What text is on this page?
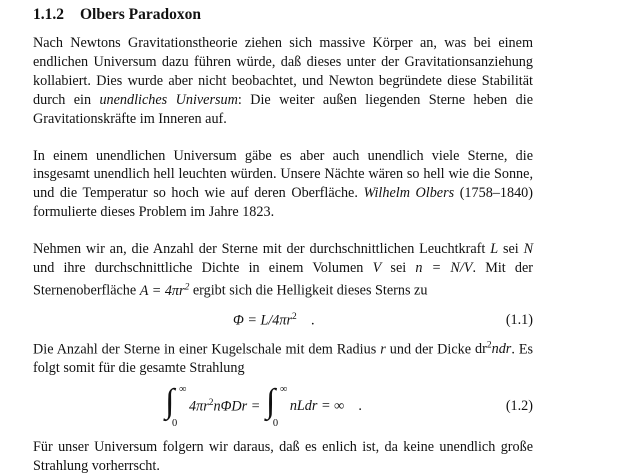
1.1.2 Olbers Paradoxon

Nach Newtons Gravitationstheorie ziehen sich massive Körper an, was bei einem endlichen Universum dazu führen würde, daß dieses unter der Gravitationsanziehung kollabiert. Dies wurde aber nicht beobachtet, und Newton begründete diese Stabilität durch ein unendliches Universum: Die weiter außen liegenden Sterne heben die Gravitationskräfte im Inneren auf.

In einem unendlichen Universum gäbe es aber auch unendlich viele Sterne, die insgesamt unendlich hell leuchten würden. Unsere Nächte wären so hell wie die Sonne, und die Temperatur so hoch wie auf deren Oberfläche. Wilhelm Olbers (1758–1840) formulierte dieses Problem im Jahre 1823.

Nehmen wir an, die Anzahl der Sterne mit der durchschnittlichen Leuchtkraft L sei N und ihre durchschnittliche Dichte in einem Volumen V sei n = N/V. Mit der Sternenoberfläche $A = 4\pi r^2$ ergibt sich die Helligkeit dieses Sterns zu

$\Phi = L/4\pi r^2$ .	(1.1)

Die Anzahl der Sterne in einer Kugelschale mit dem Radius r und der Dicke $dr^2ndr$. Es folgt somit für die gesamte Strahlung

∫ ∞
0
$4\pi r^2n\Phi Dr$ = ∫ ∞
0
nLdr = ∞ .	(1.2)

Für unser Universum folgern wir daraus, daß es enlich ist, da keine unendlich große Strahlung vorherrscht.
